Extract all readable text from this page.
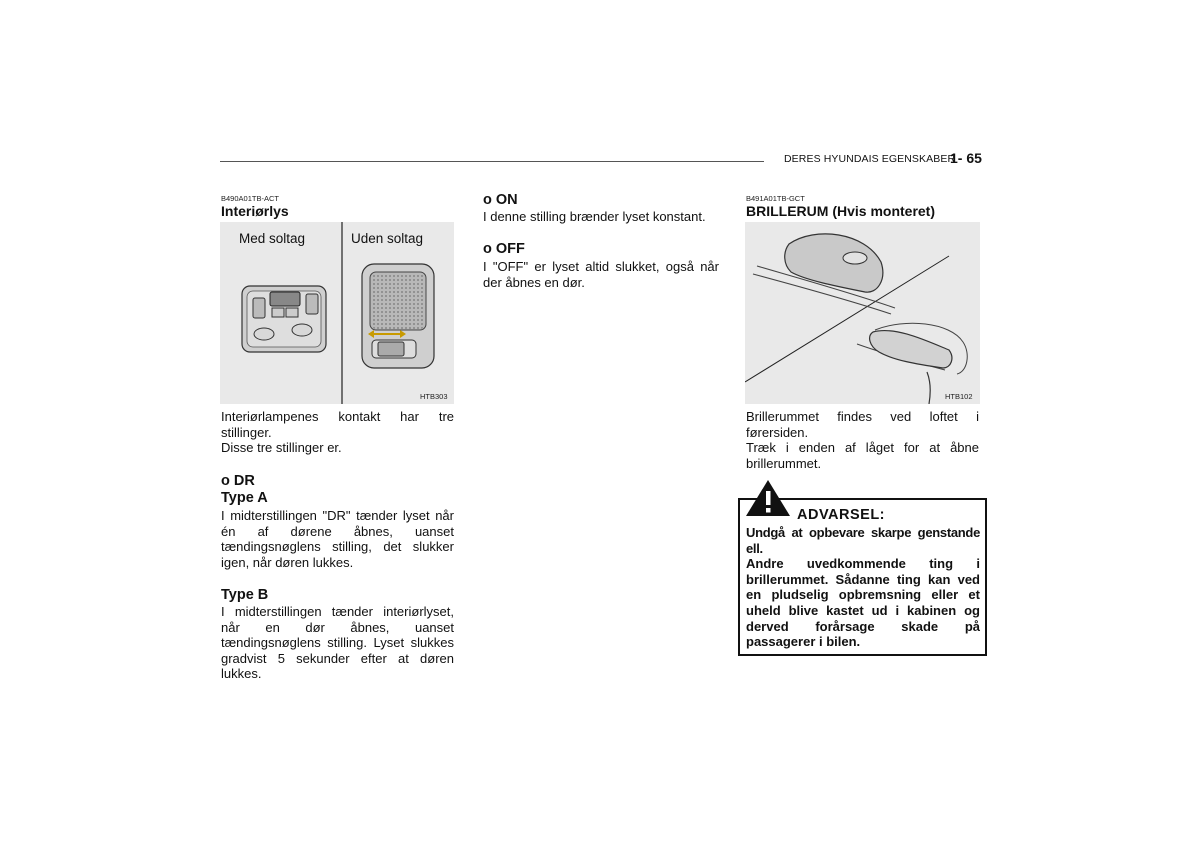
DERES HYUNDAIS EGENSKABER
1- 65
B490A01TB-ACT
Interiørlys
Med soltag	Uden soltag
HTB303
Interiørlampenes kontakt har tre stillinger.
Disse tre stillinger er.
o DR
Type A
I midterstillingen "DR" tænder lyset når én af dørene åbnes, uanset tændingsnøglens stilling, det slukker igen, når døren lukkes.
Type B
I midterstillingen tænder interiørlyset, når en dør åbnes, uanset tændingsnøglens stilling. Lyset slukkes gradvist 5 sekunder efter at døren lukkes.
o ON
I denne stilling brænder lyset konstant.
o OFF
I "OFF" er lyset altid slukket, også når der åbnes en dør.
B491A01TB-GCT
BRILLERUM (Hvis monteret)
HTB102
Brillerummet findes ved loftet i førersiden.
Træk i enden af låget for at åbne brillerummet.
ADVARSEL:
Undgå at opbevare skarpe genstande ell.
Andre uvedkommende ting i brillerummet. Sådanne ting kan ved en pludselig opbremsning eller et uheld blive kastet ud i kabinen og derved forårsage skade på passagerer i bilen.
